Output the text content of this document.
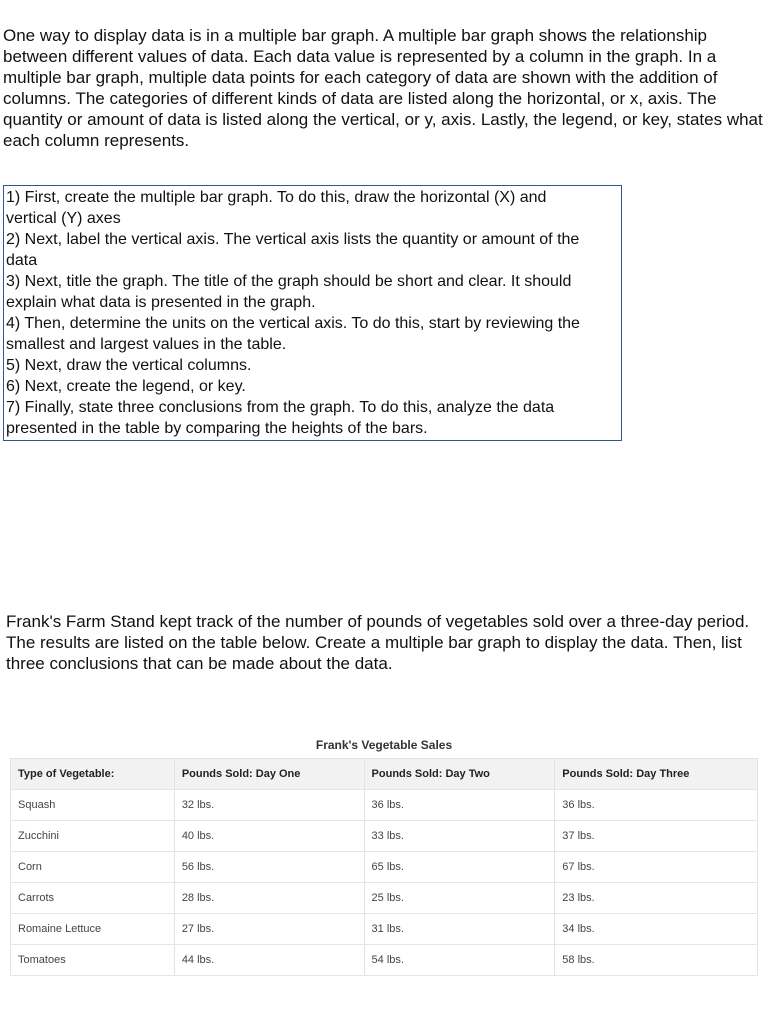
One way to display data is in a multiple bar graph. A multiple bar graph shows the relationship between different values of data. Each data value is represented by a column in the graph. In a multiple bar graph, multiple data points for each category of data are shown with the addition of columns. The categories of different kinds of data are listed along the horizontal, or x, axis. The quantity or amount of data is listed along the vertical, or y, axis. Lastly, the legend, or key, states what each column represents.

1) First, create the multiple bar graph. To do this, draw the horizontal (X) and vertical (Y) axes
2) Next, label the vertical axis. The vertical axis lists the quantity or amount of the data
3) Next, title the graph. The title of the graph should be short and clear. It should explain what data is presented in the graph.
4) Then, determine the units on the vertical axis. To do this, start by reviewing the smallest and largest values in the table.
5) Next, draw the vertical columns.
6) Next, create the legend, or key.
7) Finally, state three conclusions from the graph. To do this, analyze the data presented in the table by comparing the heights of the bars.

Frank's Farm Stand kept track of the number of pounds of vegetables sold over a three-day period. The results are listed on the table below. Create a multiple bar graph to display the data. Then, list three conclusions that can be made about the data.

Frank's Vegetable Sales

Type of Vegetable:	Pounds Sold: Day One	Pounds Sold: Day Two	Pounds Sold: Day Three
Squash	32 lbs.	36 lbs.	36 lbs.
Zucchini	40 lbs.	33 lbs.	37 lbs.
Corn	56 lbs.	65 lbs.	67 lbs.
Carrots	28 lbs.	25 lbs.	23 lbs.
Romaine Lettuce	27 lbs.	31 lbs.	34 lbs.
Tomatoes	44 lbs.	54 lbs.	58 lbs.
